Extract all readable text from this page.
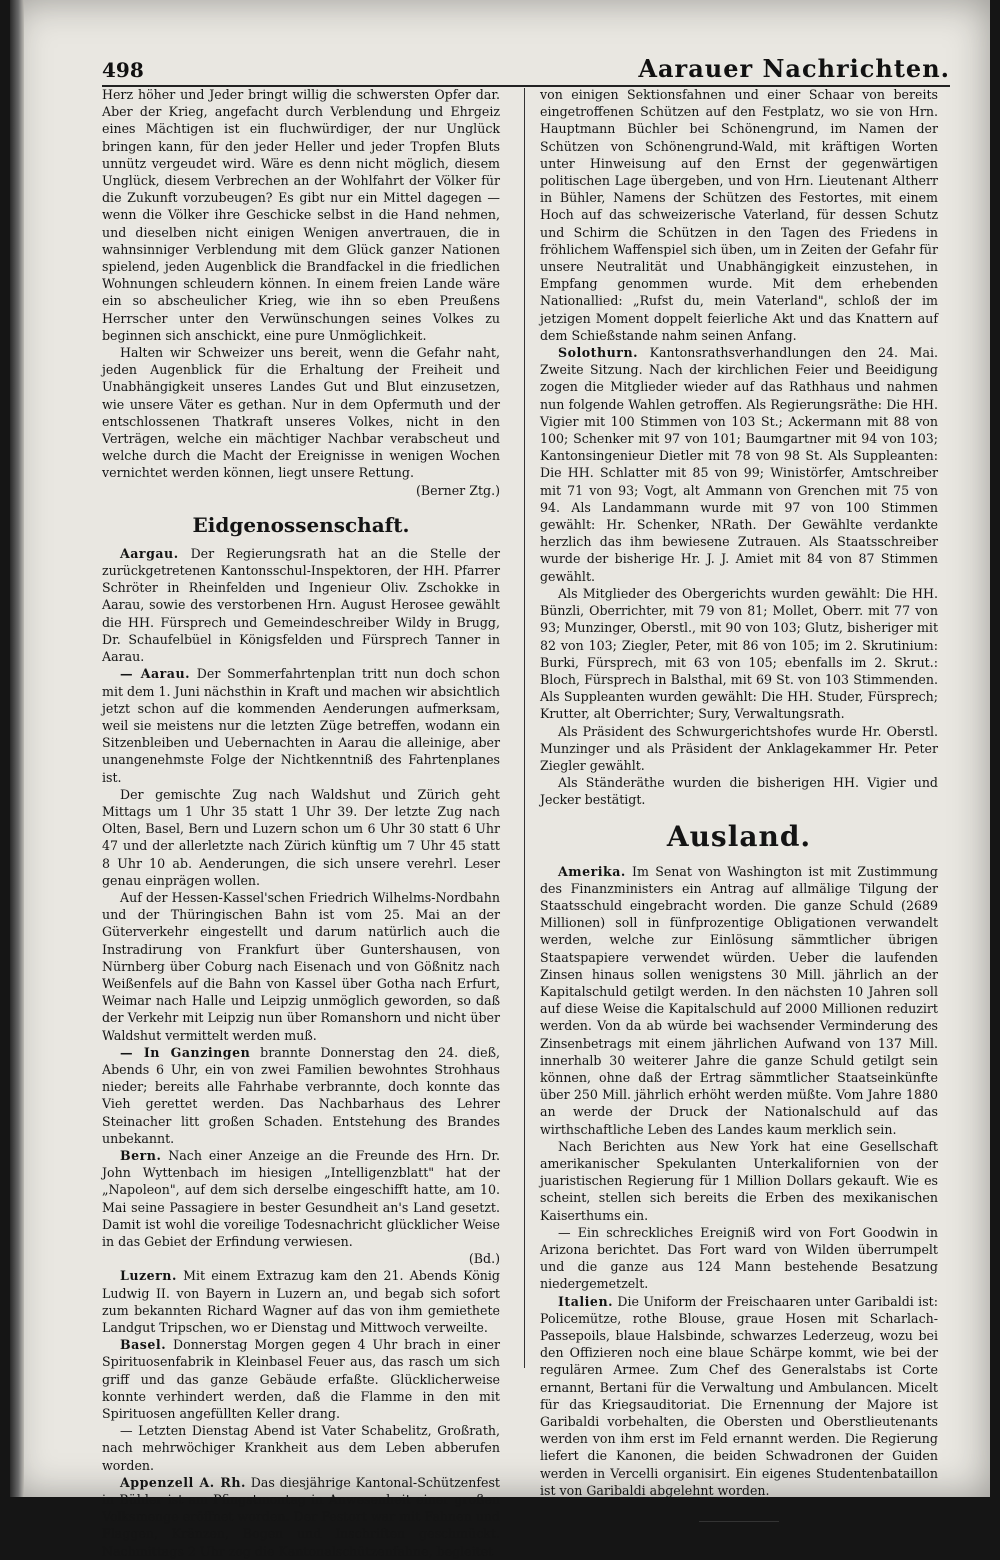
498	Aarauer Nachrichten.

Herz höher und Jeder bringt willig die schwersten Opfer dar. Aber der Krieg, angefacht durch Verblendung und Ehrgeiz eines Mächtigen ist ein fluchwürdiger, der nur Unglück bringen kann, für den jeder Heller und jeder Tropfen Bluts unnütz vergeudet wird. Wäre es denn nicht möglich, diesem Unglück, diesem Verbrechen an der Wohlfahrt der Völker für die Zukunft vorzubeugen? Es gibt nur ein Mittel dagegen — wenn die Völker ihre Geschicke selbst in die Hand nehmen, und dieselben nicht einigen Wenigen anvertrauen, die in wahnsinniger Verblendung mit dem Glück ganzer Nationen spielend, jeden Augenblick die Brandfackel in die friedlichen Wohnungen schleudern können. In einem freien Lande wäre ein so abscheulicher Krieg, wie ihn so eben Preußens Herrscher unter den Verwünschungen seines Volkes zu beginnen sich anschickt, eine pure Unmöglichkeit.

Halten wir Schweizer uns bereit, wenn die Gefahr naht, jeden Augenblick für die Erhaltung der Freiheit und Unabhängigkeit unseres Landes Gut und Blut einzusetzen, wie unsere Väter es gethan. Nur in dem Opfermuth und der entschlossenen Thatkraft unseres Volkes, nicht in den Verträgen, welche ein mächtiger Nachbar verabscheut und welche durch die Macht der Ereignisse in wenigen Wochen vernichtet werden können, liegt unsere Rettung.
(Berner Ztg.)

Eidgenossenschaft.

Aargau. Der Regierungsrath hat an die Stelle der zurückgetretenen Kantonsschul-Inspektoren, der HH. Pfarrer Schröter in Rheinfelden und Ingenieur Oliv. Zschokke in Aarau, sowie des verstorbenen Hrn. August Herosee gewählt die HH. Fürsprech und Gemeindeschreiber Wildy in Brugg, Dr. Schaufelbüel in Königsfelden und Fürsprech Tanner in Aarau.

— Aarau. Der Sommerfahrtenplan tritt nun doch schon mit dem 1. Juni nächsthin in Kraft und machen wir absichtlich jetzt schon auf die kommenden Aenderungen aufmerksam, weil sie meistens nur die letzten Züge betreffen, wodann ein Sitzenbleiben und Uebernachten in Aarau die alleinige, aber unangenehmste Folge der Nichtkenntniß des Fahrtenplanes ist.

Der gemischte Zug nach Waldshut und Zürich geht Mittags um 1 Uhr 35 statt 1 Uhr 39. Der letzte Zug nach Olten, Basel, Bern und Luzern schon um 6 Uhr 30 statt 6 Uhr 47 und der allerletzte nach Zürich künftig um 7 Uhr 45 statt 8 Uhr 10 ab. Aenderungen, die sich unsere verehrl. Leser genau einprägen wollen.

Auf der Hessen-Kassel'schen Friedrich Wilhelms-Nordbahn und der Thüringischen Bahn ist vom 25. Mai an der Güterverkehr eingestellt und darum natürlich auch die Instradirung von Frankfurt über Guntershausen, von Nürnberg über Coburg nach Eisenach und von Gößnitz nach Weißenfels auf die Bahn von Kassel über Gotha nach Erfurt, Weimar nach Halle und Leipzig unmöglich geworden, so daß der Verkehr mit Leipzig nun über Romanshorn und nicht über Waldshut vermittelt werden muß.

— In Ganzingen brannte Donnerstag den 24. dieß, Abends 6 Uhr, ein von zwei Familien bewohntes Strohhaus nieder; bereits alle Fahrhabe verbrannte, doch konnte das Vieh gerettet werden. Das Nachbarhaus des Lehrer Steinacher litt großen Schaden. Entstehung des Brandes unbekannt.

Bern. Nach einer Anzeige an die Freunde des Hrn. Dr. John Wyttenbach im hiesigen „Intelligenzblatt" hat der „Napoleon", auf dem sich derselbe eingeschifft hatte, am 10. Mai seine Passagiere in bester Gesundheit an's Land gesetzt. Damit ist wohl die voreilige Todesnachricht glücklicher Weise in das Gebiet der Erfindung verwiesen.
(Bd.)

Luzern. Mit einem Extrazug kam den 21. Abends König Ludwig II. von Bayern in Luzern an, und begab sich sofort zum bekannten Richard Wagner auf das von ihm gemiethete Landgut Tripschen, wo er Dienstag und Mittwoch verweilte.

Basel. Donnerstag Morgen gegen 4 Uhr brach in einer Spirituosenfabrik in Kleinbasel Feuer aus, das rasch um sich griff und das ganze Gebäude erfaßte. Glücklicherweise konnte verhindert werden, daß die Flamme in den mit Spirituosen angefüllten Keller drang.

— Letzten Dienstag Abend ist Vater Schabelitz, Großrath, nach mehrwöchiger Krankheit aus dem Leben abberufen worden.

Appenzell A. Rh. Das diesjährige Kantonal-Schützenfest in Bühler ist am Pfingstmontag in Anwesenheit einer großen Volksmenge eröffnet worden. Der Festort war mit Fahnen und Flaggen, Kränzen, Bogen und Inschriften geschmückt. Nachmittags 2 Uhr zog die Kantonalschützenfahne, begleitet

von einigen Sektionsfahnen und einer Schaar von bereits eingetroffenen Schützen auf den Festplatz, wo sie von Hrn. Hauptmann Büchler bei Schönengrund, im Namen der Schützen von Schönengrund-Wald, mit kräftigen Worten unter Hinweisung auf den Ernst der gegenwärtigen politischen Lage übergeben, und von Hrn. Lieutenant Altherr in Bühler, Namens der Schützen des Festortes, mit einem Hoch auf das schweizerische Vaterland, für dessen Schutz und Schirm die Schützen in den Tagen des Friedens in fröhlichem Waffenspiel sich üben, um in Zeiten der Gefahr für unsere Neutralität und Unabhängigkeit einzustehen, in Empfang genommen wurde. Mit dem erhebenden Nationallied: „Rufst du, mein Vaterland", schloß der im jetzigen Moment doppelt feierliche Akt und das Knattern auf dem Schießstande nahm seinen Anfang.

Solothurn. Kantonsrathsverhandlungen den 24. Mai. Zweite Sitzung. Nach der kirchlichen Feier und Beeidigung zogen die Mitglieder wieder auf das Rathhaus und nahmen nun folgende Wahlen getroffen. Als Regierungsräthe: Die HH. Vigier mit 100 Stimmen von 103 St.; Ackermann mit 88 von 100; Schenker mit 97 von 101; Baumgartner mit 94 von 103; Kantonsingenieur Dietler mit 78 von 98 St. Als Suppleanten: Die HH. Schlatter mit 85 von 99; Winistörfer, Amtschreiber mit 71 von 93; Vogt, alt Ammann von Grenchen mit 75 von 94. Als Landammann wurde mit 97 von 100 Stimmen gewählt: Hr. Schenker, NRath. Der Gewählte verdankte herzlich das ihm bewiesene Zutrauen. Als Staatsschreiber wurde der bisherige Hr. J. J. Amiet mit 84 von 87 Stimmen gewählt.

Als Mitglieder des Obergerichts wurden gewählt: Die HH. Bünzli, Oberrichter, mit 79 von 81; Mollet, Oberr. mit 77 von 93; Munzinger, Oberstl., mit 90 von 103; Glutz, bisheriger mit 82 von 103; Ziegler, Peter, mit 86 von 105; im 2. Skrutinium: Burki, Fürsprech, mit 63 von 105; ebenfalls im 2. Skrut.: Bloch, Fürsprech in Balsthal, mit 69 St. von 103 Stimmenden. Als Suppleanten wurden gewählt: Die HH. Studer, Fürsprech; Krutter, alt Oberrichter; Sury, Verwaltungsrath.

Als Präsident des Schwurgerichtshofes wurde Hr. Oberstl. Munzinger und als Präsident der Anklagekammer Hr. Peter Ziegler gewählt.

Als Ständeräthe wurden die bisherigen HH. Vigier und Jecker bestätigt.

Ausland.

Amerika. Im Senat von Washington ist mit Zustimmung des Finanzministers ein Antrag auf allmälige Tilgung der Staatsschuld eingebracht worden. Die ganze Schuld (2689 Millionen) soll in fünfprozentige Obligationen verwandelt werden, welche zur Einlösung sämmtlicher übrigen Staatspapiere verwendet würden. Ueber die laufenden Zinsen hinaus sollen wenigstens 30 Mill. jährlich an der Kapitalschuld getilgt werden. In den nächsten 10 Jahren soll auf diese Weise die Kapitalschuld auf 2000 Millionen reduzirt werden. Von da ab würde bei wachsender Verminderung des Zinsenbetrags mit einem jährlichen Aufwand von 137 Mill. innerhalb 30 weiterer Jahre die ganze Schuld getilgt sein können, ohne daß der Ertrag sämmtlicher Staatseinkünfte über 250 Mill. jährlich erhöht werden müßte. Vom Jahre 1880 an werde der Druck der Nationalschuld auf das wirthschaftliche Leben des Landes kaum merklich sein.

Nach Berichten aus New York hat eine Gesellschaft amerikanischer Spekulanten Unterkalifornien von der juaristischen Regierung für 1 Million Dollars gekauft. Wie es scheint, stellen sich bereits die Erben des mexikanischen Kaiserthums ein.

— Ein schreckliches Ereigniß wird von Fort Goodwin in Arizona berichtet. Das Fort ward von Wilden überrumpelt und die ganze aus 124 Mann bestehende Besatzung niedergemetzelt.

Italien. Die Uniform der Freischaaren unter Garibaldi ist: Policemütze, rothe Blouse, graue Hosen mit Scharlach-Passepoils, blaue Halsbinde, schwarzes Lederzeug, wozu bei den Offizieren noch eine blaue Schärpe kommt, wie bei der regulären Armee. Zum Chef des Generalstabs ist Corte ernannt, Bertani für die Verwaltung und Ambulancen. Micelt für das Kriegsauditoriat. Die Ernennung der Majore ist Garibaldi vorbehalten, die Obersten und Oberstlieutenants werden von ihm erst im Feld ernannt werden. Die Regierung liefert die Kanonen, die beiden Schwadronen der Guiden werden in Vercelli organisirt. Ein eigenes Studentenbataillon ist von Garibaldi abgelehnt worden.
